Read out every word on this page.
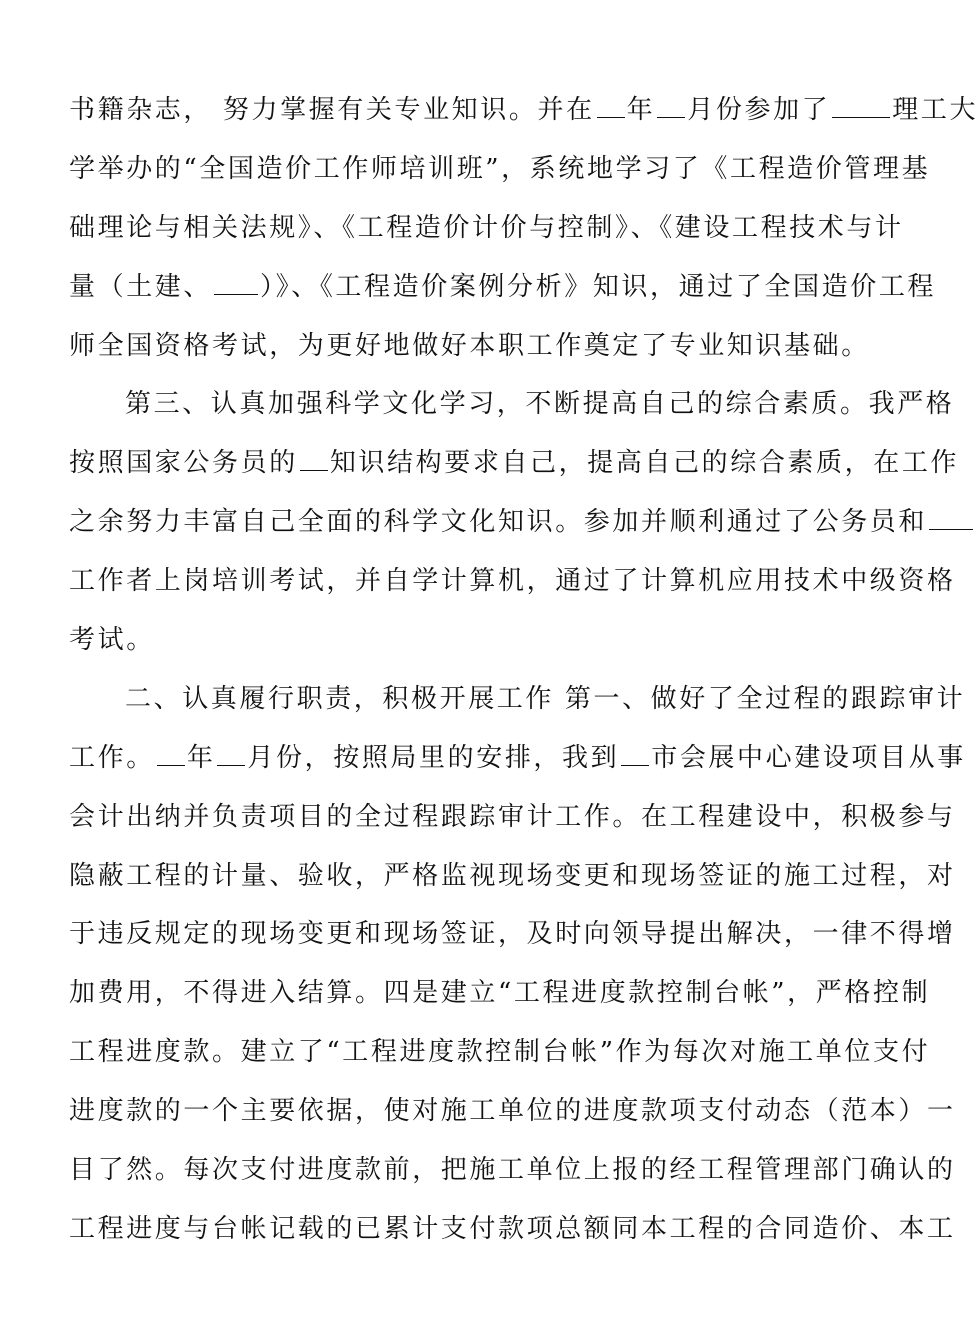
书籍杂志， 努力掌握有关专业知识。并在 年 月份参加了 理工大
学举办的“全国造价工作师培训班”，系统地学习了《工程造价管理基
础理论与相关法规》、《工程造价计价与控制》、《建设工程技术与计
量（土建、 ）》、《工程造价案例分析》知识，通过了全国造价工程
师全国资格考试，为更好地做好本职工作奠定了专业知识基础。
第三、认真加强科学文化学习，不断提高自己的综合素质。我严格
按照国家公务员的 知识结构要求自己，提高自己的综合素质，在工作
之余努力丰富自己全面的科学文化知识。参加并顺利通过了公务员和
工作者上岗培训考试，并自学计算机，通过了计算机应用技术中级资格
考试。
二、认真履行职责，积极开展工作 第一、做好了全过程的跟踪审计
工作。 年 月份，按照局里的安排，我到 市会展中心建设项目从事
会计出纳并负责项目的全过程跟踪审计工作。在工程建设中，积极参与
隐蔽工程的计量、验收，严格监视现场变更和现场签证的施工过程，对
于违反规定的现场变更和现场签证，及时向领导提出解决，一律不得增
加费用，不得进入结算。四是建立“工程进度款控制台帐”，严格控制
工程进度款。建立了“工程进度款控制台帐”作为每次对施工单位支付
进度款的一个主要依据，使对施工单位的进度款项支付动态（范本）一
目了然。每次支付进度款前，把施工单位上报的经工程管理部门确认的
工程进度与台帐记载的已累计支付款项总额同本工程的合同造价、本工
